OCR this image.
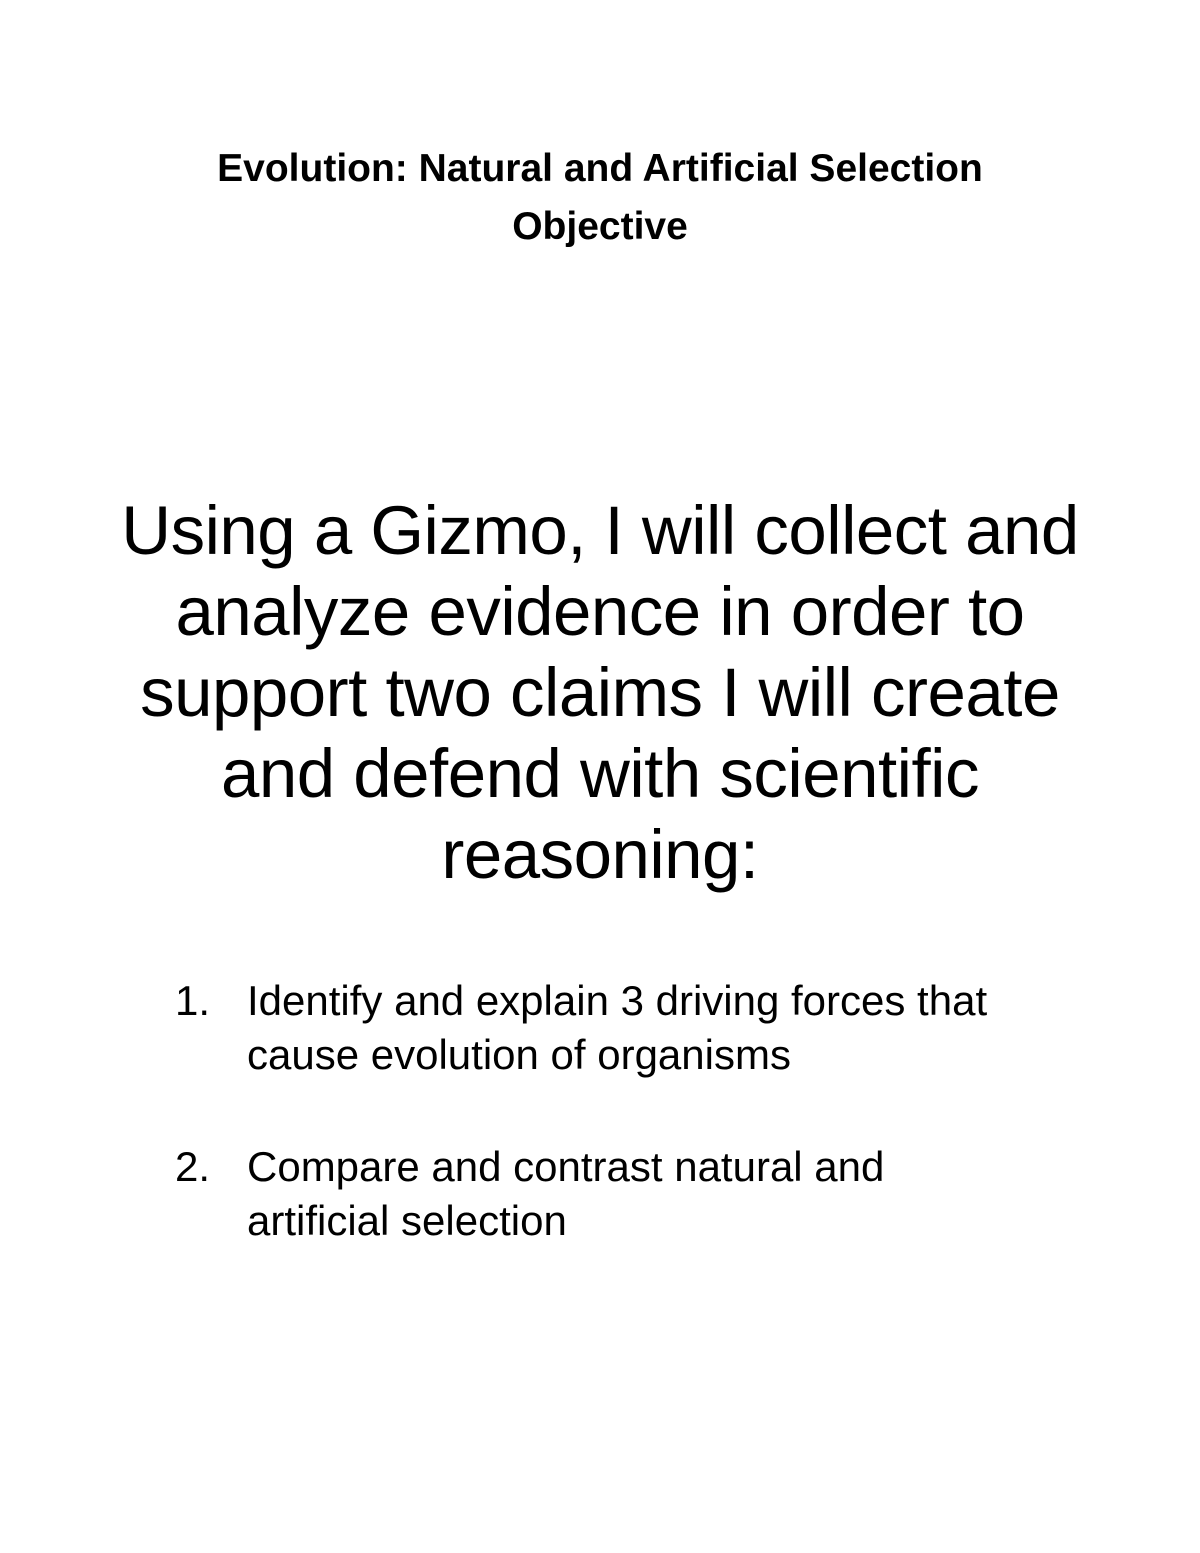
Evolution: Natural and Artificial Selection
Objective
Using a Gizmo, I will collect and analyze evidence in order to support two claims I will create and defend with scientific reasoning:
1. Identify and explain 3 driving forces that cause evolution of organisms
2. Compare and contrast natural and artificial selection
